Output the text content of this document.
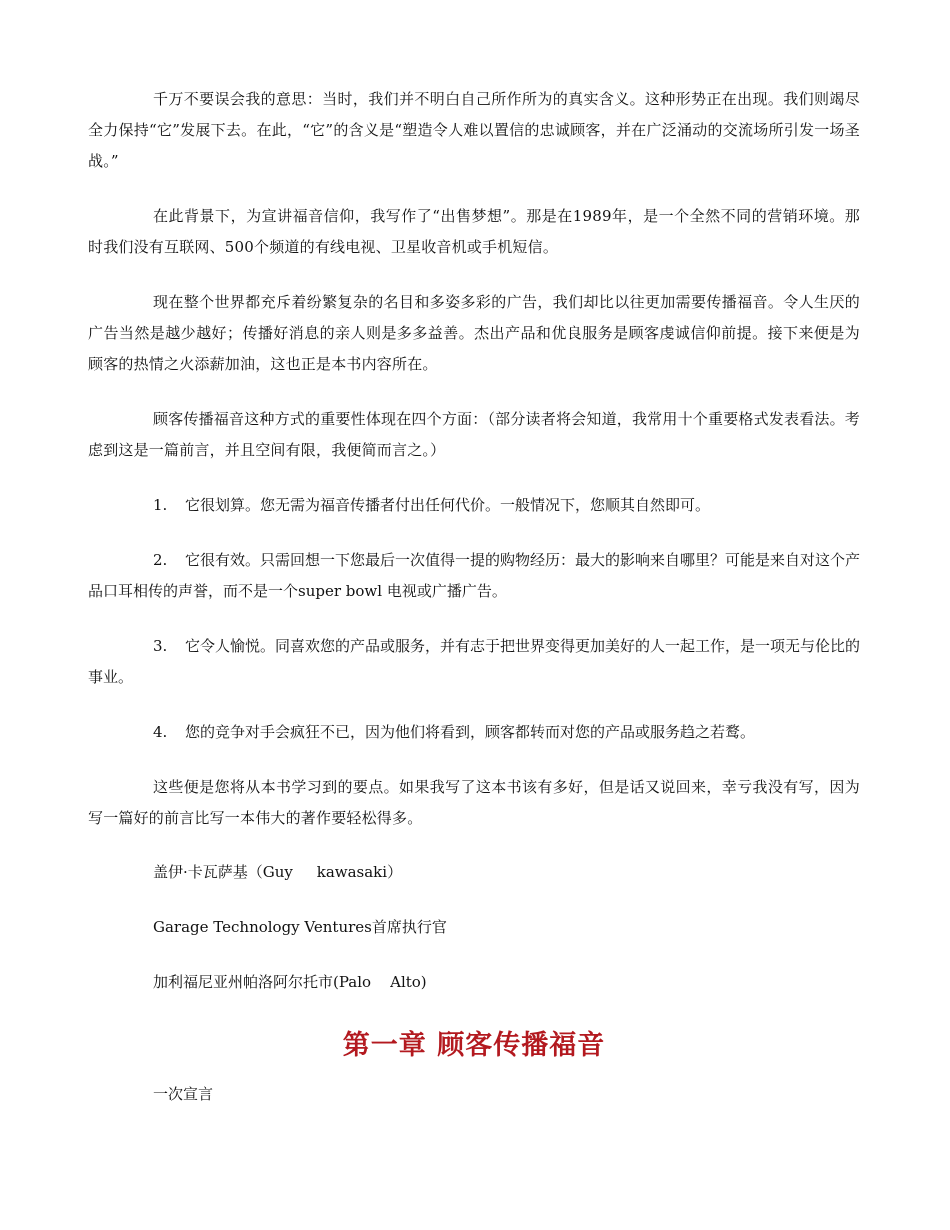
千万不要误会我的意思：当时，我们并不明白自己所作所为的真实含义。这种形势正在出现。我们则竭尽全力保持“它”发展下去。在此，“它”的含义是“塑造令人难以置信的忠诚顾客，并在广泛涌动的交流场所引发一场圣战。”

在此背景下，为宣讲福音信仰，我写作了“出售梦想”。那是在1989年，是一个全然不同的营销环境。那时我们没有互联网、500个频道的有线电视、卫星收音机或手机短信。

现在整个世界都充斥着纷繁复杂的名目和多姿多彩的广告，我们却比以往更加需要传播福音。令人生厌的广告当然是越少越好；传播好消息的亲人则是多多益善。杰出产品和优良服务是顾客虔诚信仰前提。接下来便是为顾客的热情之火添薪加油，这也正是本书内容所在。

顾客传播福音这种方式的重要性体现在四个方面：（部分读者将会知道，我常用十个重要格式发表看法。考虑到这是一篇前言，并且空间有限，我便简而言之。）

1. 它很划算。您无需为福音传播者付出任何代价。一般情况下，您顺其自然即可。

2. 它很有效。只需回想一下您最后一次值得一提的购物经历：最大的影响来自哪里？可能是来自对这个产品口耳相传的声誉，而不是一个super bowl 电视或广播广告。

3. 它令人愉悦。同喜欢您的产品或服务，并有志于把世界变得更加美好的人一起工作，是一项无与伦比的事业。

4. 您的竞争对手会疯狂不已，因为他们将看到，顾客都转而对您的产品或服务趋之若鹜。

这些便是您将从本书学习到的要点。如果我写了这本书该有多好，但是话又说回来，幸亏我没有写，因为写一篇好的前言比写一本伟大的著作要轻松得多。

盖伊·卡瓦萨基（Guy     kawasaki）

Garage Technology Ventures首席执行官

加利福尼亚州帕洛阿尔托市(Palo    Alto)

第一章 顾客传播福音

一次宣言
